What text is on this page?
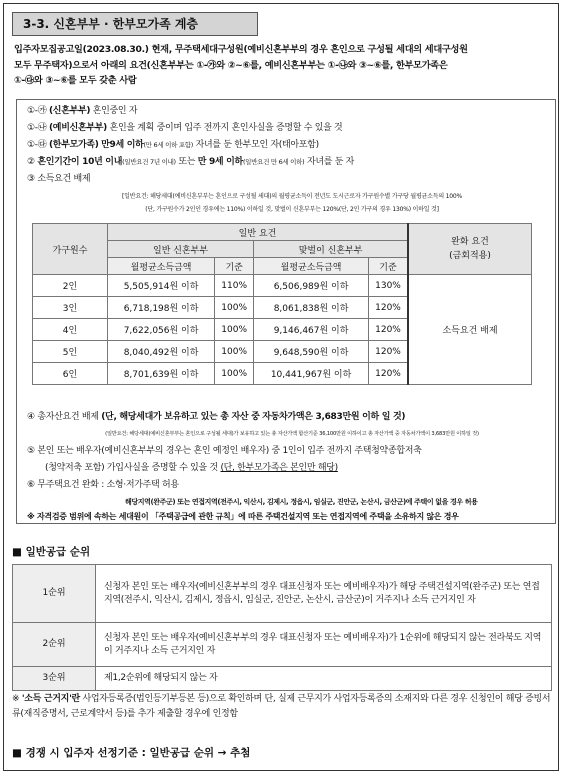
3-3. 신혼부부 · 한부모가족 계층
입주자모집공고일(2023.08.30.) 현재, 무주택세대구성원(예비신혼부부의 경우 혼인으로 구성될 세대의 세대구성원
모두 무주택자)으로서 아래의 요건(신혼부부는 ①-㉮와 ②~⑥를, 예비신혼부부는 ①-㉯와 ③~⑥를, 한부모가족은
①-㉰와 ③~⑥를 모두 갖춘 사람
①-㉮ (신혼부부) 혼인중인 자
①-㉯ (예비신혼부부) 혼인을 계획 중이며 입주 전까지 혼인사실을 증명할 수 있을 것
①-㉰ (한부모가족) 만9세 이하(만 6세 이하 포함) 자녀를 둔 한부모인 자(태아포함)
② 혼인기간이 10년 이내(일반요건 7년 이내) 또는 만 9세 이하(일반요건 만 6세 이하) 자녀를 둔 자
③ 소득요건 배제
[일반요건: 해당세대(예비신혼부부는 혼인으로 구성될 세대)의 월평균소득이 전년도 도시근로자 가구원수별 가구당 월평균소득의 100%
(단, 가구원수가 2인인 경우에는 110%) 이하일 것, 맞벌이 신혼부부는 120%(단, 2인 가구의 경우 130%) 이하일 것]
④ 총자산요건 배제 (단, 해당세대가 보유하고 있는 총 자산 중 자동차가액은 3,683만원 이하 일 것)
(일반요건: 해당세대(예비신혼부부는 혼인으로 구성될 세대)가 보유하고 있는 총 자산가액 합산기준 36,100만원 이하이고 총 자산가액 중 자동차가액이 3,683만원 이하일 것)
⑤ 본인 또는 배우자(예비신혼부부의 경우는 혼인 예정인 배우자) 중 1인이 입주 전까지 주택청약종합저축
(청약저축 포함) 가입사실을 증명할 수 있을 것 (단, 한부모가족은 본인만 해당)
⑥ 무주택요건 완화 : 소형·저가주택 허용
해당지역(완주군) 또는 연접지역(전주시, 익산시, 김제시, 정읍시, 임실군, 진안군, 논산시, 금산군)에 주택이 없을 경우 허용
※ 자격검증 범위에 속하는 세대원이 「주택공급에 관한 규칙」에 따른 주택건설지역 또는 연접지역에 주택을 소유하지 않은 경우
가구원수	일반 요건				완화 요건
(금회적용)

	일반 신혼부부		맞벌이 신혼부부		
	월평균소득금액	기준	월평균소득금액	기준	
2인	5,505,914원 이하	110%	6,506,989원 이하	130%	소득요건 배제
3인	6,718,198원 이하	100%	8,061,838원 이하	120%	
4인	7,622,056원 이하	100%	9,146,467원 이하	120%	
5인	8,040,492원 이하	100%	9,648,590원 이하	120%	
6인	8,701,639원 이하	100%	10,441,967원 이하	120%	
■ 일반공급 순위
1순위	신청자 본인 또는 배우자(예비신혼부부의 경우 대표신청자 또는 예비배우자)가 해당 주택건설지역(완주군) 또는 연접지역(전주시, 익산시, 김제시, 정읍시, 임실군, 진안군, 논산시, 금산군)이 거주지나 소득 근거지인 자
2순위	신청자 본인 또는 배우자(예비신혼부부의 경우 대표신청자 또는 예비배우자)가 1순위에 해당되지 않는 전라북도 지역이 거주지나 소득 근거지인 자
3순위	제1,2순위에 해당되지 않는 자
※ '소득 근거지'란 사업자등록증(법인등기부등본 등)으로 확인하며 단, 실제 근무지가 사업자등록증의 소재지와 다른 경우 신청인이 해당 증빙서류(재직증명서, 근로계약서 등)를 추가 제출할 경우에 인정함
■ 경쟁 시 입주자 선정기준 : 일반공급 순위 → 추첨
